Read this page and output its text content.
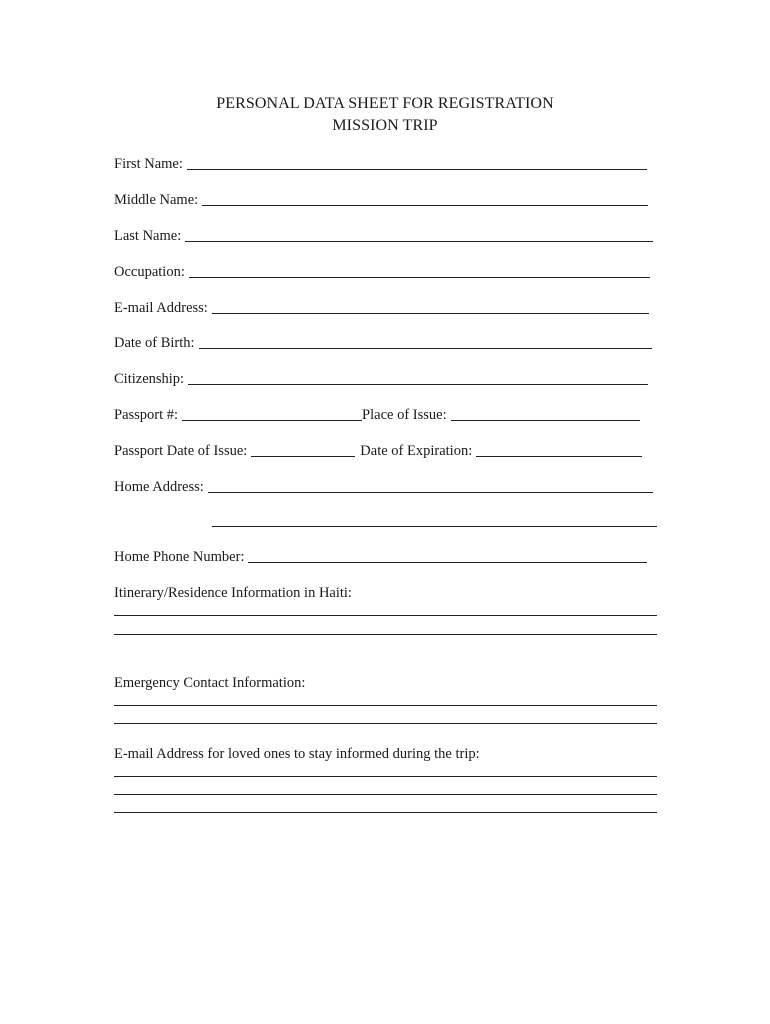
PERSONAL DATA SHEET FOR REGISTRATION
MISSION TRIP
First Name:
Middle Name:
Last Name:
Occupation:
E-mail Address:
Date of Birth:
Citizenship:
Passport #:	Place of Issue:
Passport Date of Issue:	Date of Expiration:
Home Address:
Home Phone Number:
Itinerary/Residence Information in Haiti:
Emergency Contact Information:
E-mail Address for loved ones to stay informed during the trip:
